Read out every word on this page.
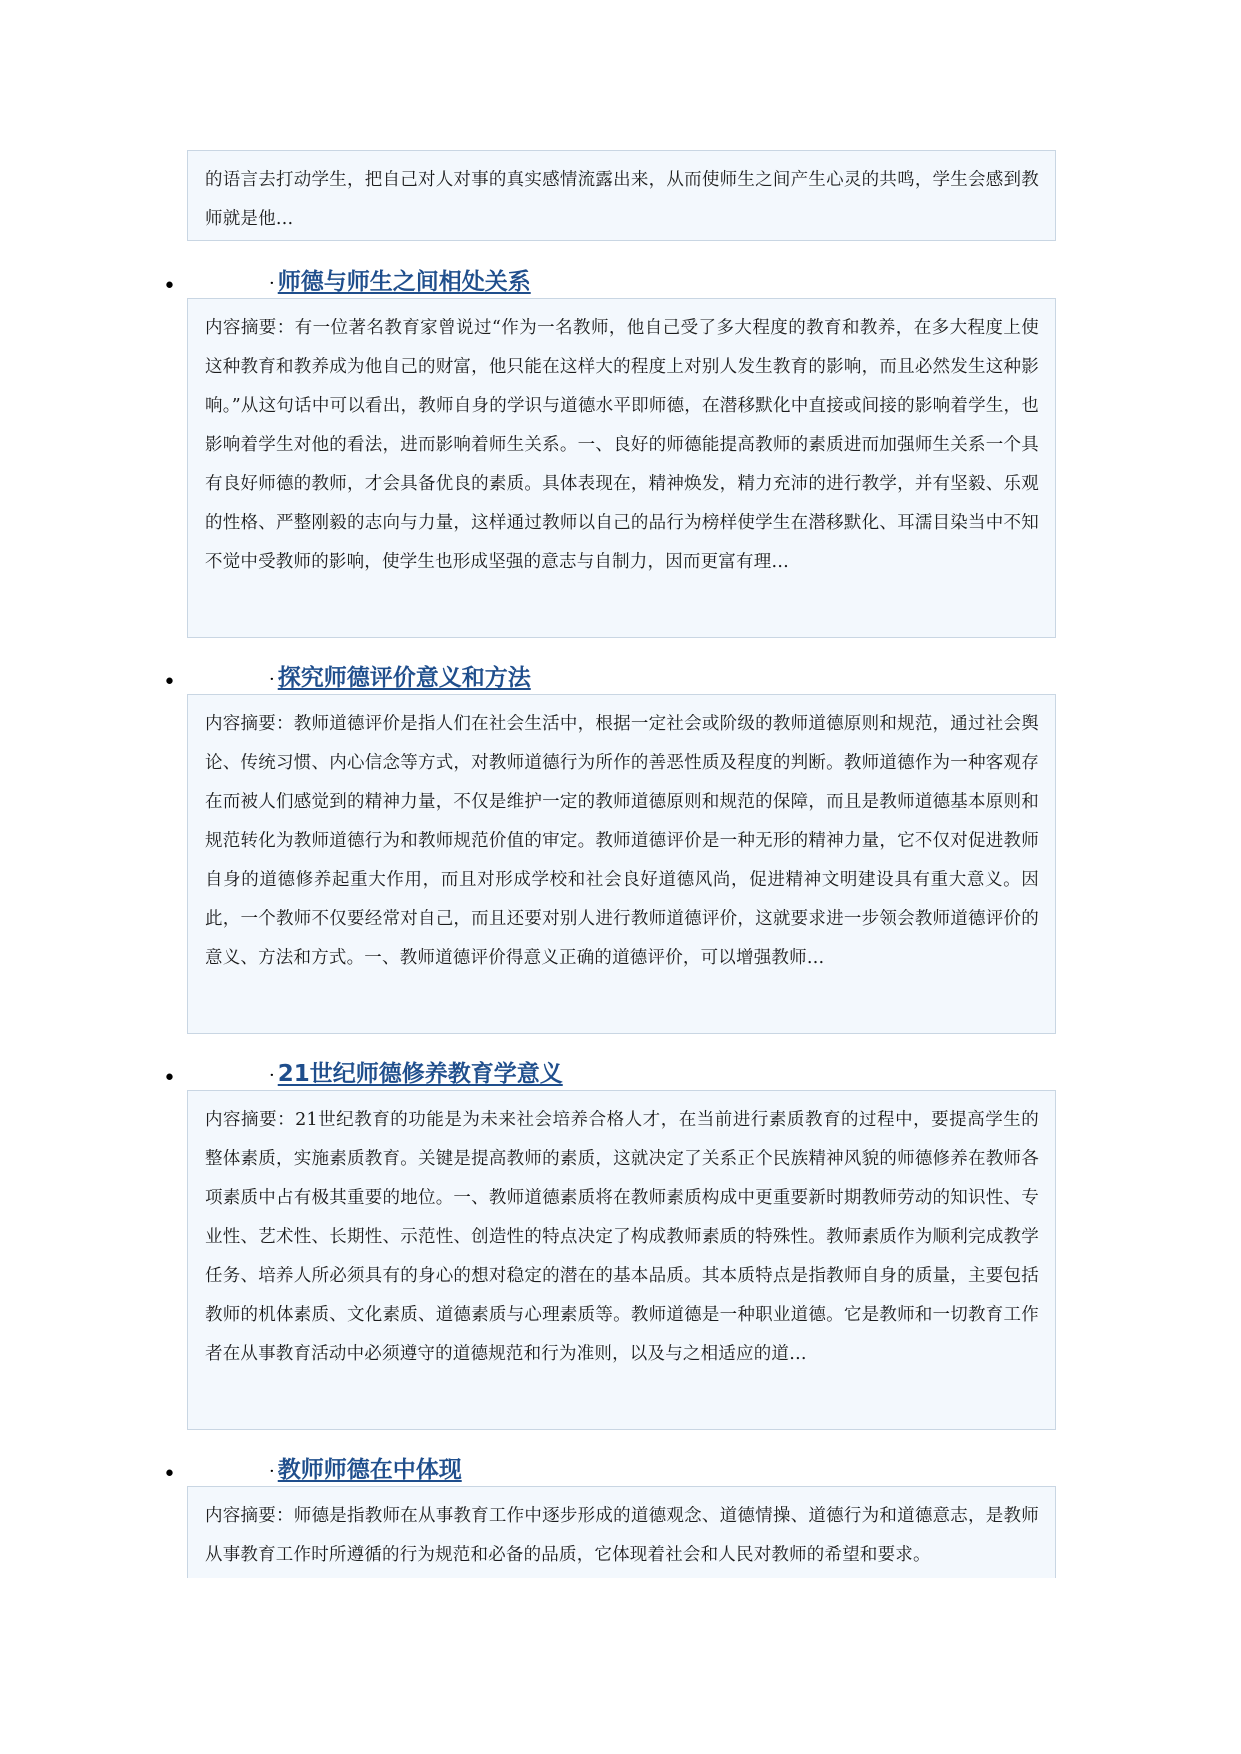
的语言去打动学生，把自己对人对事的真实感情流露出来，从而使师生之间产生心灵的共鸣，学生会感到教师就是他…

•
· 师德与师生之间相处关系

内容摘要：有一位著名教育家曾说过“作为一名教师，他自己受了多大程度的教育和教养，在多大程度上使这种教育和教养成为他自己的财富，他只能在这样大的程度上对别人发生教育的影响，而且必然发生这种影响。”从这句话中可以看出，教师自身的学识与道德水平即师德，在潜移默化中直接或间接的影响着学生，也影响着学生对他的看法，进而影响着师生关系。一、良好的师德能提高教师的素质进而加强师生关系一个具有良好师德的教师，才会具备优良的素质。具体表现在，精神焕发，精力充沛的进行教学，并有坚毅、乐观的性格、严整刚毅的志向与力量，这样通过教师以自己的品行为榜样使学生在潜移默化、耳濡目染当中不知不觉中受教师的影响，使学生也形成坚强的意志与自制力，因而更富有理…

•
· 探究师德评价意义和方法

内容摘要：教师道德评价是指人们在社会生活中，根据一定社会或阶级的教师道德原则和规范，通过社会舆论、传统习惯、内心信念等方式，对教师道德行为所作的善恶性质及程度的判断。教师道德作为一种客观存在而被人们感觉到的精神力量，不仅是维护一定的教师道德原则和规范的保障，而且是教师道德基本原则和规范转化为教师道德行为和教师规范价值的审定。教师道德评价是一种无形的精神力量，它不仅对促进教师自身的道德修养起重大作用，而且对形成学校和社会良好道德风尚，促进精神文明建设具有重大意义。因此，一个教师不仅要经常对自己，而且还要对别人进行教师道德评价，这就要求进一步领会教师道德评价的意义、方法和方式。一、教师道德评价得意义正确的道德评价，可以增强教师…

•
· 21世纪师德修养教育学意义

内容摘要：21世纪教育的功能是为未来社会培养合格人才，在当前进行素质教育的过程中，要提高学生的整体素质，实施素质教育。关键是提高教师的素质，这就决定了关系正个民族精神风貌的师德修养在教师各项素质中占有极其重要的地位。一、教师道德素质将在教师素质构成中更重要新时期教师劳动的知识性、专业性、艺术性、长期性、示范性、创造性的特点决定了构成教师素质的特殊性。教师素质作为顺利完成教学任务、培养人所必须具有的身心的想对稳定的潜在的基本品质。其本质特点是指教师自身的质量，主要包括教师的机体素质、文化素质、道德素质与心理素质等。教师道德是一种职业道德。它是教师和一切教育工作者在从事教育活动中必须遵守的道德规范和行为准则，以及与之相适应的道…

•
· 教师师德在中体现

内容摘要：师德是指教师在从事教育工作中逐步形成的道德观念、道德情操、道德行为和道德意志，是教师从事教育工作时所遵循的行为规范和必备的品质，它体现着社会和人民对教师的希望和要求。
